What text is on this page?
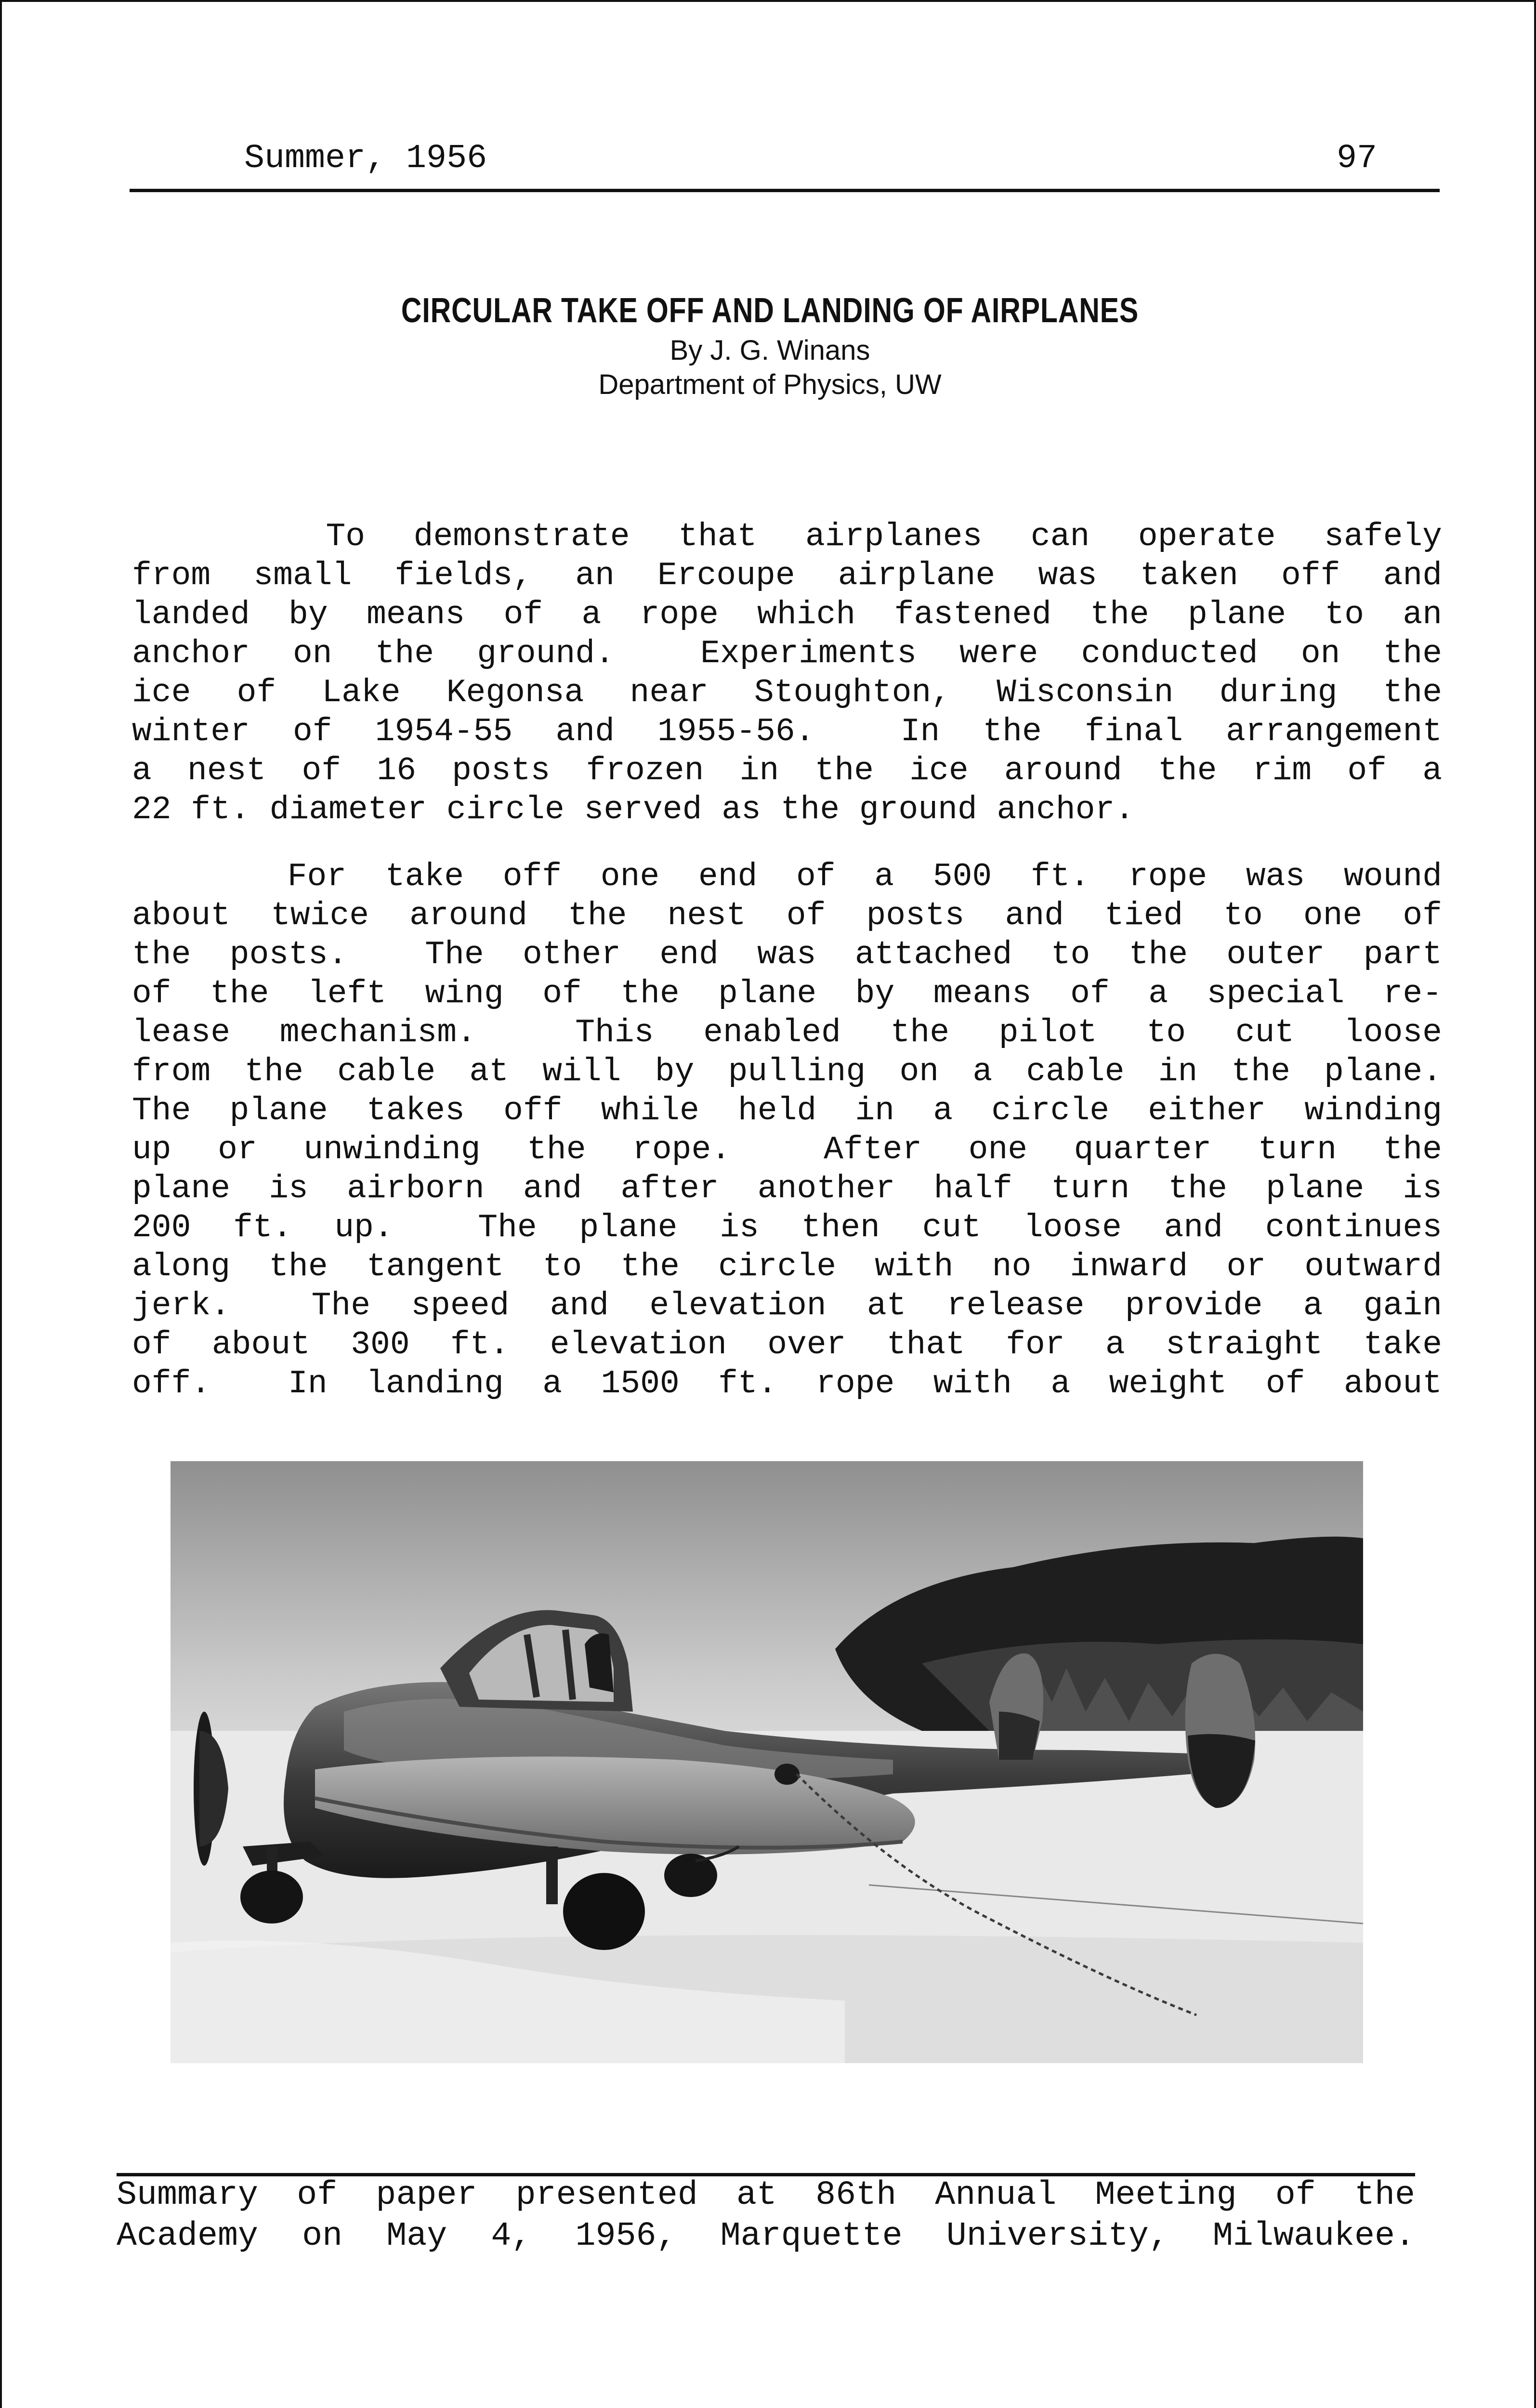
Summer, 1956	97
CIRCULAR TAKE OFF AND LANDING OF AIRPLANES
By J. G. Winans
Department of Physics, UW
To demonstrate that airplanes can operate safely
from small fields, an Ercoupe airplane was taken off and
landed by means of a rope which fastened the plane to an
anchor on the ground.  Experiments were conducted on the
ice of Lake Kegonsa near Stoughton, Wisconsin during the
winter of 1954-55 and 1955-56.  In the final arrangement
a nest of 16 posts frozen in the ice around the rim of a
22 ft. diameter circle served as the ground anchor.
For take off one end of a 500 ft. rope was wound
about twice around the nest of posts and tied to one of
the posts.  The other end was attached to the outer part
of the left wing of the plane by means of a special re-
lease mechanism.  This enabled the pilot to cut loose
from the cable at will by pulling on a cable in the plane.
The plane takes off while held in a circle either winding
up or unwinding the rope.  After one quarter turn the
plane is airborn and after another half turn the plane is
200 ft. up.  The plane is then cut loose and continues
along the tangent to the circle with no inward or outward
jerk.  The speed and elevation at release provide a gain
of about 300 ft. elevation over that for a straight take
off.  In landing a 1500 ft. rope with a weight of about
Summary of paper presented at 86th Annual Meeting of the
Academy on May 4, 1956, Marquette University, Milwaukee.
